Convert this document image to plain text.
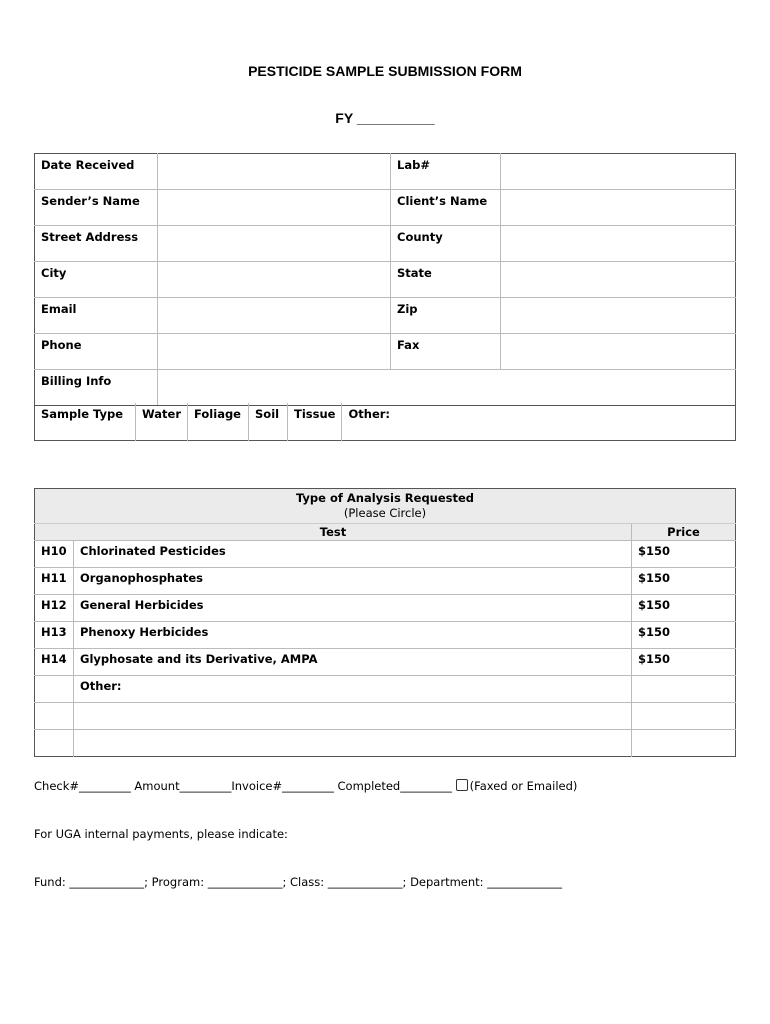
PESTICIDE SAMPLE SUBMISSION FORM
FY __________
Date Received		Lab#	
Sender’s Name		Client’s Name	
Street Address		County	
City		State	
Email		Zip	
Phone		Fax	
Billing Info			
Sample Type	Water	Foliage	Soil	Tissue	Other:
Type of Analysis Requested
(Please Circle)		

Test		Price
H10	Chlorinated Pesticides	$150
H11	Organophosphates	$150
H12	General Herbicides	$150
H13	Phenoxy Herbicides	$150
H14	Glyphosate and its Derivative, AMPA	$150
	Other:	

Check#_________ Amount_________Invoice#_________ Completed_________ (Faxed or Emailed)
For UGA internal payments, please indicate:
Fund: _____________; Program: _____________; Class: _____________; Department: _____________
